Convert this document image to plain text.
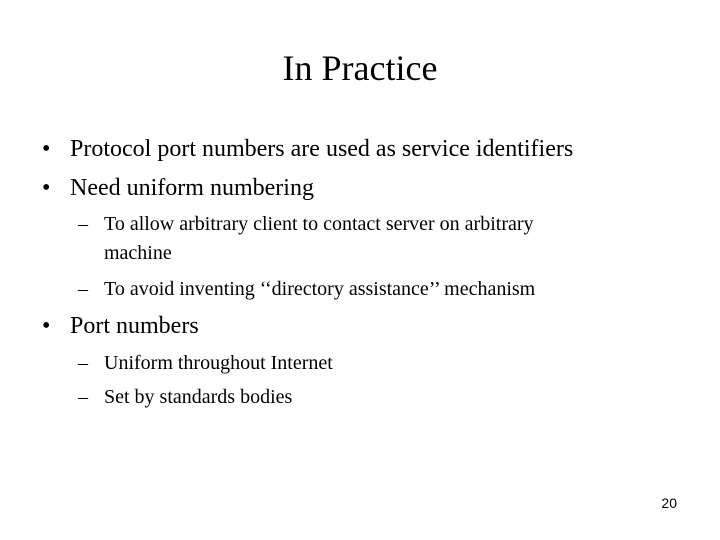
In Practice
• Protocol port numbers are used as service identifiers
• Need uniform numbering
– To allow arbitrary client to contact server on arbitrary
machine
– To avoid inventing ‘‘directory assistance’’ mechanism
• Port numbers
– Uniform throughout Internet
– Set by standards bodies
20
